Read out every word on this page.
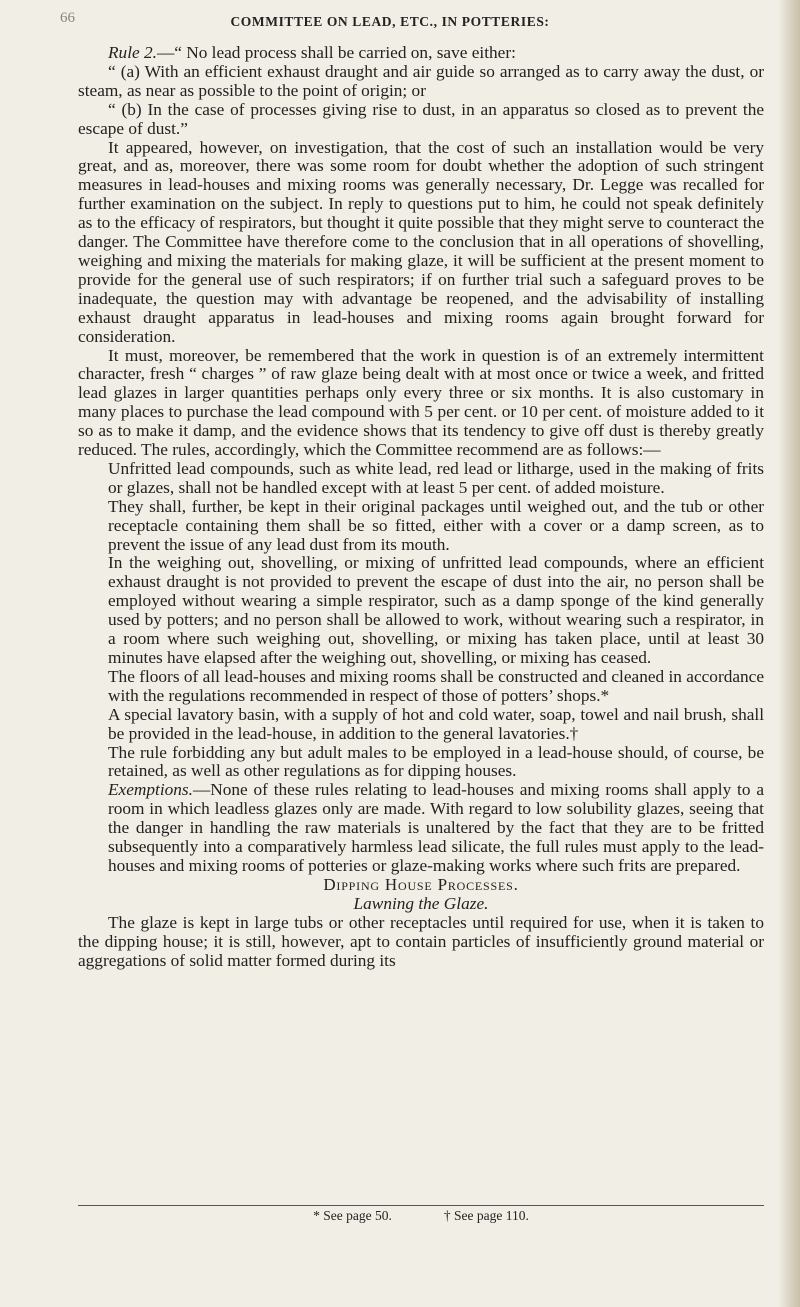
66	COMMITTEE ON LEAD, ETC., IN POTTERIES:

Rule 2.—“ No lead process shall be carried on, save either:

“ (a) With an efficient exhaust draught and air guide so arranged as to carry away the dust, or steam, as near as possible to the point of origin; or

“ (b) In the case of processes giving rise to dust, in an apparatus so closed as to prevent the escape of dust.”

It appeared, however, on investigation, that the cost of such an installation would be very great, and as, moreover, there was some room for doubt whether the adoption of such stringent measures in lead-houses and mixing rooms was generally necessary, Dr. Legge was recalled for further examination on the subject. In reply to questions put to him, he could not speak definitely as to the efficacy of respirators, but thought it quite possible that they might serve to counteract the danger. The Committee have therefore come to the conclusion that in all operations of shovelling, weighing and mixing the materials for making glaze, it will be sufficient at the present moment to provide for the general use of such respirators; if on further trial such a safeguard proves to be inadequate, the question may with advantage be reopened, and the advisability of installing exhaust draught apparatus in lead-houses and mixing rooms again brought forward for consideration.

It must, moreover, be remembered that the work in question is of an extremely intermittent character, fresh “ charges ” of raw glaze being dealt with at most once or twice a week, and fritted lead glazes in larger quantities perhaps only every three or six months. It is also customary in many places to purchase the lead compound with 5 per cent. or 10 per cent. of moisture added to it so as to make it damp, and the evidence shows that its tendency to give off dust is thereby greatly reduced. The rules, accordingly, which the Committee recommend are as follows:—

Unfritted lead compounds, such as white lead, red lead or litharge, used in the making of frits or glazes, shall not be handled except with at least 5 per cent. of added moisture.

They shall, further, be kept in their original packages until weighed out, and the tub or other receptacle containing them shall be so fitted, either with a cover or a damp screen, as to prevent the issue of any lead dust from its mouth.

In the weighing out, shovelling, or mixing of unfritted lead compounds, where an efficient exhaust draught is not provided to prevent the escape of dust into the air, no person shall be employed without wearing a simple respirator, such as a damp sponge of the kind generally used by potters; and no person shall be allowed to work, without wearing such a respirator, in a room where such weighing out, shovelling, or mixing has taken place, until at least 30 minutes have elapsed after the weighing out, shovelling, or mixing has ceased.

The floors of all lead-houses and mixing rooms shall be constructed and cleaned in accordance with the regulations recommended in respect of those of potters’ shops.*

A special lavatory basin, with a supply of hot and cold water, soap, towel and nail brush, shall be provided in the lead-house, in addition to the general lavatories.†

The rule forbidding any but adult males to be employed in a lead-house should, of course, be retained, as well as other regulations as for dipping houses.

Exemptions.—None of these rules relating to lead-houses and mixing rooms shall apply to a room in which leadless glazes only are made. With regard to low solubility glazes, seeing that the danger in handling the raw materials is unaltered by the fact that they are to be fritted subsequently into a comparatively harmless lead silicate, the full rules must apply to the lead-houses and mixing rooms of potteries or glaze-making works where such frits are prepared.

Dipping House Processes.

Lawning the Glaze.

The glaze is kept in large tubs or other receptacles until required for use, when it is taken to the dipping house; it is still, however, apt to contain particles of insufficiently ground material or aggregations of solid matter formed during its

* See page 50.	† See page 110.
